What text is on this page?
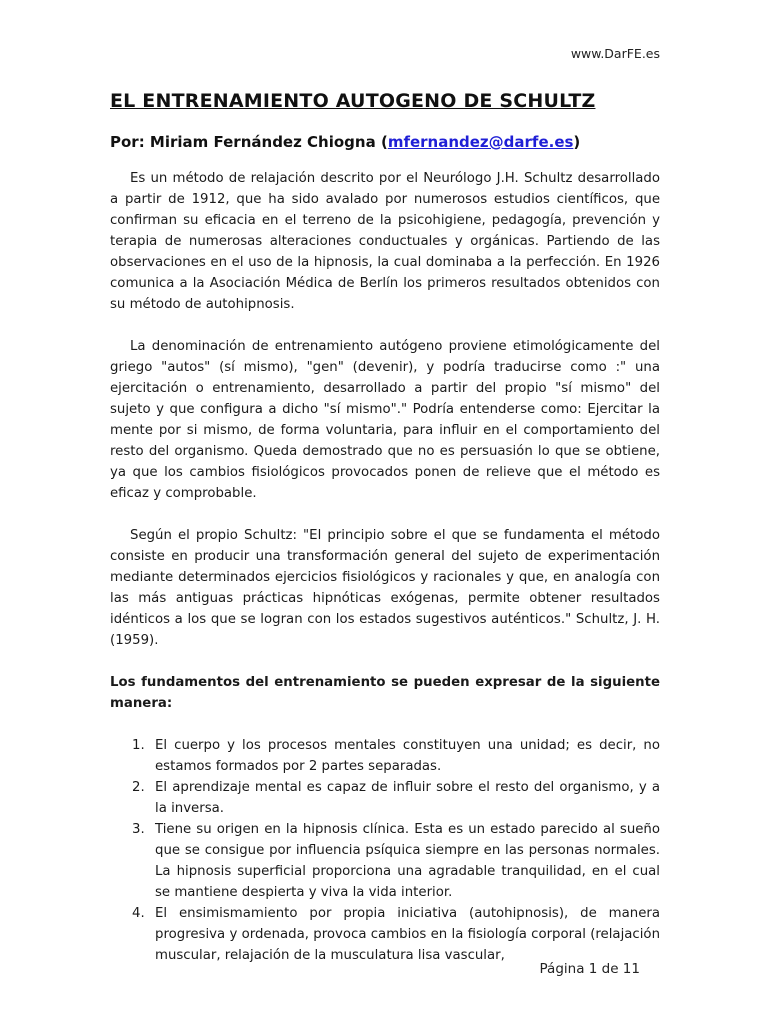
www.DarFE.es
EL ENTRENAMIENTO AUTOGENO DE SCHULTZ
Por: Miriam Fernández Chiogna (mfernandez@darfe.es)

Es un método de relajación descrito por el Neurólogo J.H. Schultz desarrollado a partir de 1912, que ha sido avalado por numerosos estudios científicos, que confirman su eficacia en el terreno de la psicohigiene, pedagogía, prevención y terapia de numerosas alteraciones conductuales y orgánicas. Partiendo de las observaciones en el uso de la hipnosis, la cual dominaba a la perfección. En 1926 comunica a la Asociación Médica de Berlín los primeros resultados obtenidos con su método de autohipnosis.

La denominación de entrenamiento autógeno proviene etimológicamente del griego "autos" (sí mismo), "gen" (devenir), y podría traducirse como :" una ejercitación o entrenamiento, desarrollado a partir del propio "sí mismo" del sujeto y que configura a dicho "sí mismo"." Podría entenderse como: Ejercitar la mente por si mismo, de forma voluntaria, para influir en el comportamiento del resto del organismo. Queda demostrado que no es persuasión lo que se obtiene, ya que los cambios fisiológicos provocados ponen de relieve que el método es eficaz y comprobable.

Según el propio Schultz: "El principio sobre el que se fundamenta el método consiste en producir una transformación general del sujeto de experimentación mediante determinados ejercicios fisiológicos y racionales y que, en analogía con las más antiguas prácticas hipnóticas exógenas, permite obtener resultados idénticos a los que se logran con los estados sugestivos auténticos." Schultz, J. H. (1959).

Los fundamentos del entrenamiento se pueden expresar de la siguiente manera:

1. El cuerpo y los procesos mentales constituyen una unidad; es decir, no estamos formados por 2 partes separadas.
2. El aprendizaje mental es capaz de influir sobre el resto del organismo, y a la inversa.
3. Tiene su origen en la hipnosis clínica. Esta es un estado parecido al sueño que se consigue por influencia psíquica siempre en las personas normales. La hipnosis superficial proporciona una agradable tranquilidad, en el cual se mantiene despierta y viva la vida interior.
4. El ensimismamiento por propia iniciativa (autohipnosis), de manera progresiva y ordenada, provoca cambios en la fisiología corporal (relajación muscular, relajación de la musculatura lisa vascular,
Página 1 de 11
